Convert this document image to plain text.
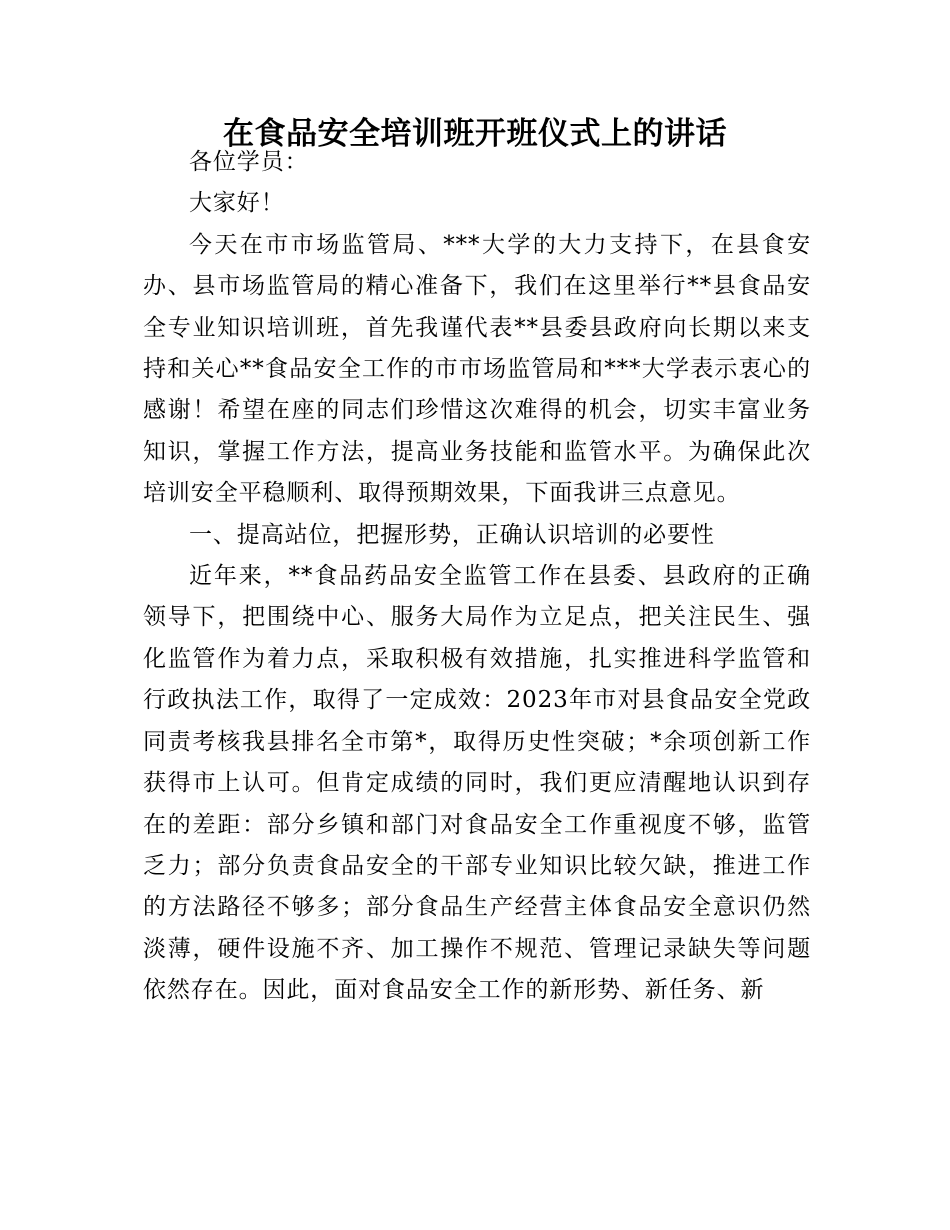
在食品安全培训班开班仪式上的讲话

各位学员：

大家好！

今天在市市场监管局、***大学的大力支持下，在县食安办、县市场监管局的精心准备下，我们在这里举行**县食品安全专业知识培训班，首先我谨代表**县委县政府向长期以来支持和关心**食品安全工作的市市场监管局和***大学表示衷心的感谢！希望在座的同志们珍惜这次难得的机会，切实丰富业务知识，掌握工作方法，提高业务技能和监管水平。为确保此次培训安全平稳顺利、取得预期效果，下面我讲三点意见。

一、提高站位，把握形势，正确认识培训的必要性

近年来，**食品药品安全监管工作在县委、县政府的正确领导下，把围绕中心、服务大局作为立足点，把关注民生、强化监管作为着力点，采取积极有效措施，扎实推进科学监管和行政执法工作，取得了一定成效：2023年市对县食品安全党政同责考核我县排名全市第*，取得历史性突破；*余项创新工作获得市上认可。但肯定成绩的同时，我们更应清醒地认识到存在的差距：部分乡镇和部门对食品安全工作重视度不够，监管乏力；部分负责食品安全的干部专业知识比较欠缺，推进工作的方法路径不够多；部分食品生产经营主体食品安全意识仍然淡薄，硬件设施不齐、加工操作不规范、管理记录缺失等问题依然存在。因此，面对食品安全工作的新形势、新任务、新
